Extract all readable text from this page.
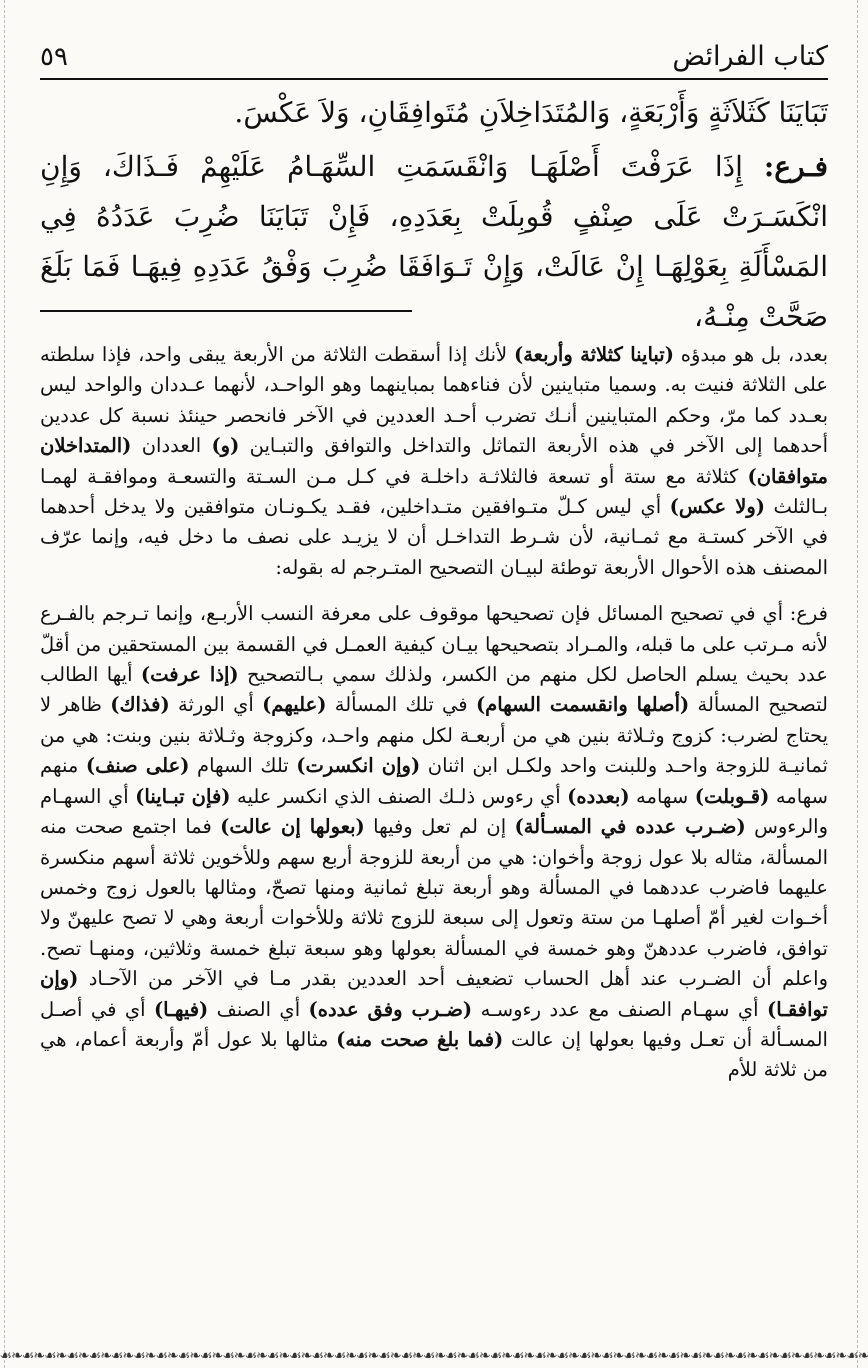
٥٩	كتاب الفرائض

تَبَايَنَا كَثَلاَثَةٍ وَأَرْبَعَةٍ، وَالمُتَدَاخِلاَنِ مُتَوافِقَانِ، وَلاَ عَكْسَ.

فـرع: إِذَا عَرَفْتَ أَصْلَهَـا وَانْقَسَمَتِ السِّهَـامُ عَلَيْهِمْ فَـذَاكَ، وَإِنِ انْكَسَـرَتْ عَلَى صِنْفٍ قُوبِلَتْ بِعَدَدِهِ، فَإِنْ تَبَايَنَا ضُرِبَ عَدَدُهُ فِي المَسْأَلَةِ بِعَوْلِهَـا إِنْ عَالَتْ، وَإِنْ تَـوَافَقَا ضُرِبَ وَفْقُ عَدَدِهِ فِيهَـا فَمَا بَلَغَ صَحَّتْ مِنْـهُ،

بعدد، بل هو مبدؤه (تباينا كثلاثة وأربعة) لأنك إذا أسقطت الثلاثة من الأربعة يبقى واحد، فإذا سلطته على الثلاثة فنيت به. وسميا متباينين لأن فناءهما بمباينهما وهو الواحـد، لأنهما عـددان والواحد ليس بعـدد كما مرّ، وحكم المتباينين أنـك تضرب أحـد العددين في الآخر فانحصر حينئذ نسبة كل عددين أحدهما إلى الآخر في هذه الأربعة التماثل والتداخل والتوافق والتبـاين (و) العددان (المتداخلان متوافقان) كثلاثة مع ستة أو تسعة فالثلاثـة داخلـة في كـل مـن السـتة والتسعـة وموافقـة لهمـا بـالثلث (ولا عكس) أي ليس كـلّ متـوافقين متـداخلين، فقـد يكـونـان متوافقين ولا يدخل أحدهما في الآخر كستـة مع ثمـانية، لأن شـرط التداخـل أن لا يزيـد على نصف ما دخل فيه، وإنما عرّف المصنف هذه الأحوال الأربعة توطئة لبيـان التصحيح المتـرجم له بقوله:

فرع: أي في تصحيح المسائل فإن تصحيحها موقوف على معرفة النسب الأربـع، وإنما تـرجم بالفـرع لأنه مـرتب على ما قبله، والمـراد بتصحيحها بيـان كيفية العمـل في القسمة بين المستحقين من أقلّ عدد بحيث يسلم الحاصل لكل منهم من الكسر، ولذلك سمي بـالتصحيح (إذا عرفت) أيها الطالب لتصحيح المسألة (أصلها وانقسمت السهام) في تلك المسألة (عليهم) أي الورثة (فذاك) ظاهر لا يحتاج لضرب: كزوج وثـلاثة بنين هي من أربعـة لكل منهم واحـد، وكزوجة وثـلاثة بنين وبنت: هي من ثمانيـة للزوجة واحـد وللبنت واحد ولكـل ابن اثنان (وإن انكسرت) تلك السهام (على صنف) منهم سهامه (قـوبلت) سهامه (بعدده) أي رءوس ذلـك الصنف الذي انكسر عليه (فإن تبـاينا) أي السهـام والرءوس (ضـرب عدده في المسـألة) إن لم تعل وفيها (بعولها إن عالت) فما اجتمع صحت منه المسألة، مثاله بلا عول زوجة وأخوان: هي من أربعة للزوجة أربع سهم وللأخوين ثلاثة أسهم منكسرة عليهما فاضرب عددهما في المسألة وهو أربعة تبلغ ثمانية ومنها تصحّ، ومثالها بالعول زوج وخمس أخـوات لغير أمّ أصلهـا من ستة وتعول إلى سبعة للزوج ثلاثة وللأخوات أربعة وهي لا تصح عليهنّ ولا توافق، فاضرب عددهنّ وهو خمسة في المسألة بعولها وهو سبعة تبلغ خمسة وثلاثين، ومنهـا تصح. واعلم أن الضـرب عند أهل الحساب تضعيف أحد العددين بقدر مـا في الآخر من الآحـاد (وإن توافقـا) أي سهـام الصنف مع عدد رءوسـه (ضـرب وفق عدده) أي الصنف (فيهـا) أي في أصـل المسـألة أن تعـل وفيها بعولها إن عالت (فما بلغ صحت منه) مثالها بلا عول أمّ وأربعة أعمام، هي من ثلاثة للأم

☙❧☙❧☙❧☙❧☙❧☙❧☙❧☙❧☙❧☙❧☙❧☙❧☙❧☙❧☙❧☙❧☙❧☙❧☙❧☙❧☙❧☙❧☙❧☙❧☙❧☙❧☙❧☙❧☙❧☙❧☙❧☙❧☙❧☙❧☙❧☙❧☙❧☙❧☙❧
